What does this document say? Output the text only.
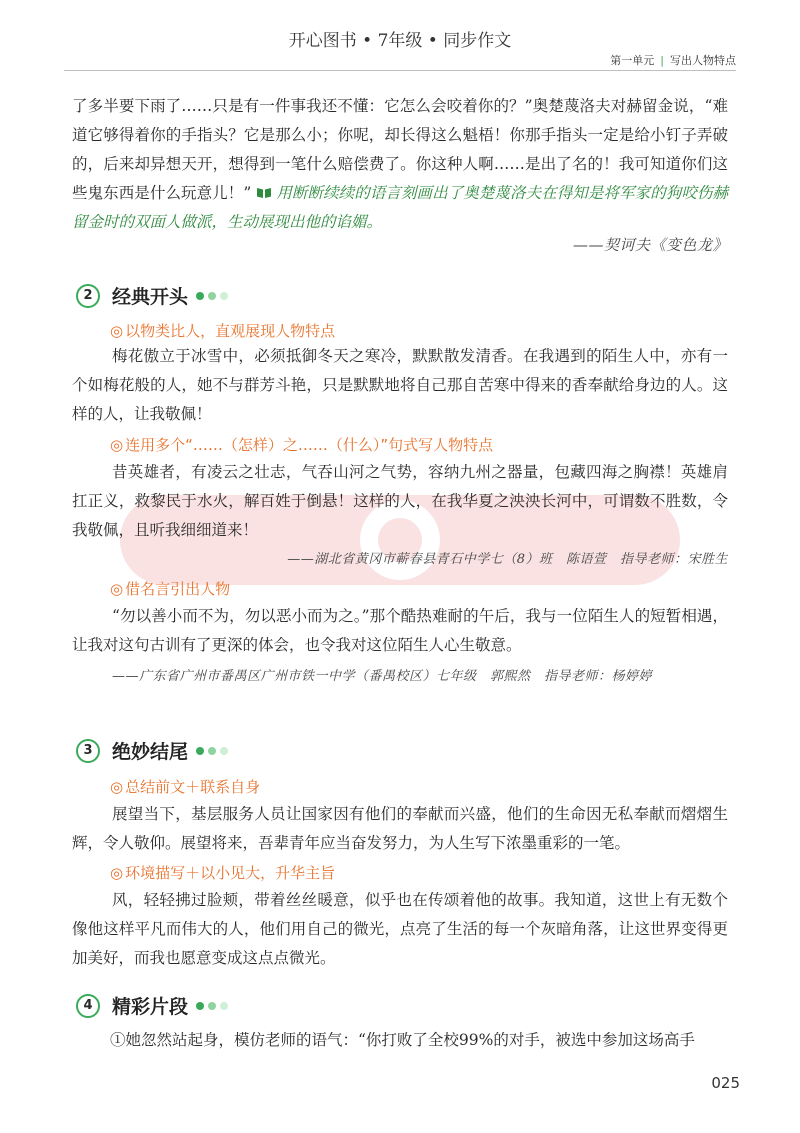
开心图书 • 7年级 • 同步作文
第一单元 | 写出人物特点
了多半要下雨了……只是有一件事我还不懂：它怎么会咬着你的？”奥楚蔑洛夫对赫留金说，“难道它够得着你的手指头？它是那么小；你呢，却长得这么魁梧！你那手指头一定是给小钉子弄破的，后来却异想天开，想得到一笔什么赔偿费了。你这种人啊……是出了名的！我可知道你们这些鬼东西是什么玩意儿！” 用断断续续的语言刻画出了奥楚蔑洛夫在得知是将军家的狗咬伤赫留金时的双面人做派，生动展现出他的谄媚。
——契诃夫《变色龙》
2	经典开头
◎ 以物类比人，直观展现人物特点
梅花傲立于冰雪中，必须抵御冬天之寒冷，默默散发清香。在我遇到的陌生人中，亦有一个如梅花般的人，她不与群芳斗艳，只是默默地将自己那自苦寒中得来的香奉献给身边的人。这样的人，让我敬佩！
◎ 连用多个“……（怎样）之……（什么）”句式写人物特点
昔英雄者，有凌云之壮志，气吞山河之气势，容纳九州之器量，包藏四海之胸襟！英雄肩扛正义，救黎民于水火，解百姓于倒悬！这样的人，在我华夏之泱泱长河中，可谓数不胜数，令我敬佩，且听我细细道来！
——湖北省黄冈市蕲春县青石中学七（8）班　陈语萱　指导老师：宋胜生
◎ 借名言引出人物
“勿以善小而不为，勿以恶小而为之。”那个酷热难耐的午后，我与一位陌生人的短暂相遇，让我对这句古训有了更深的体会，也令我对这位陌生人心生敬意。
——广东省广州市番禺区广州市铁一中学（番禺校区）七年级　郭熙然　指导老师：杨婷婷
3	绝妙结尾
◎ 总结前文＋联系自身
展望当下，基层服务人员让国家因有他们的奉献而兴盛，他们的生命因无私奉献而熠熠生辉，令人敬仰。展望将来，吾辈青年应当奋发努力，为人生写下浓墨重彩的一笔。
◎ 环境描写＋以小见大，升华主旨
风，轻轻拂过脸颊，带着丝丝暖意，似乎也在传颂着他的故事。我知道，这世上有无数个像他这样平凡而伟大的人，他们用自己的微光，点亮了生活的每一个灰暗角落，让这世界变得更加美好，而我也愿意变成这点点微光。
4	精彩片段
①她忽然站起身，模仿老师的语气：“你打败了全校99%的对手，被选中参加这场高手
025
